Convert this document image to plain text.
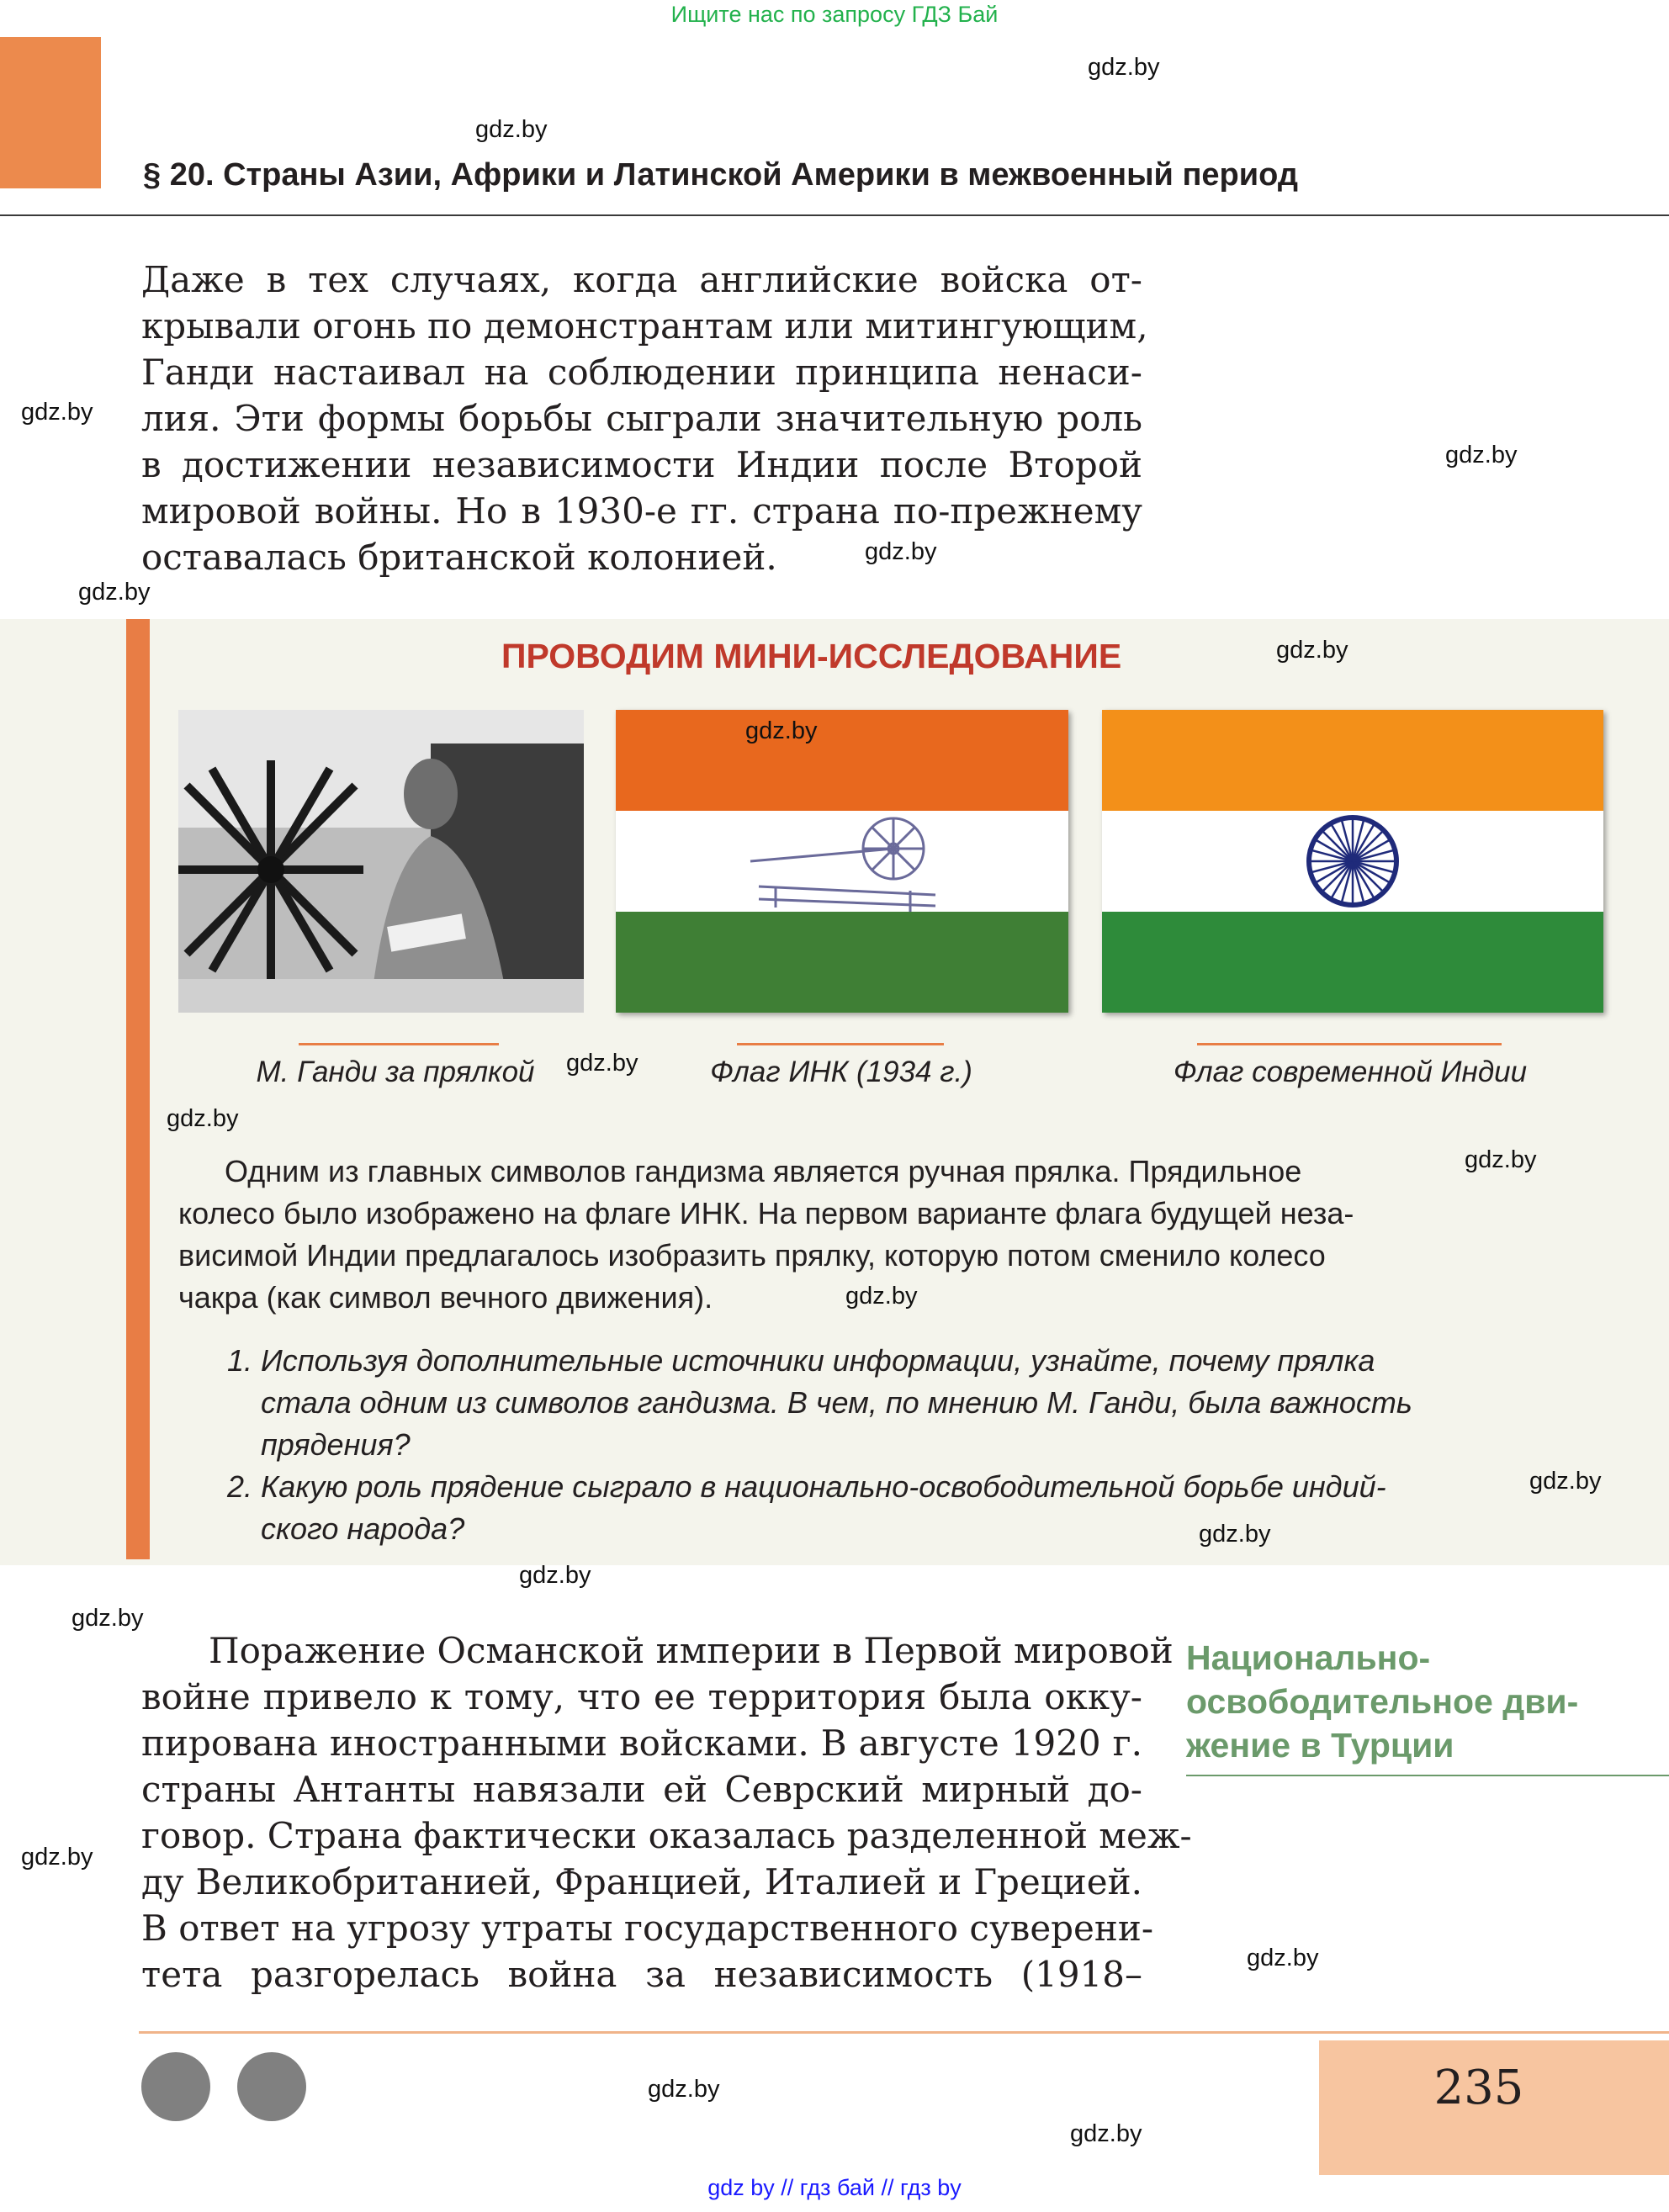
Ищите нас по запросу ГДЗ Бай
§ 20. Страны Азии, Африки и Латинской Америки в межвоенный период
Даже в тех случаях, когда английские войска от-
крывали огонь по демонстрантам или митингующим,
Ганди настаивал на соблюдении принципа ненаси-
лия. Эти формы борьбы сыграли значительную роль
в достижении независимости Индии после Второй
мировой войны. Но в 1930-е гг. страна по-прежнему
оставалась британской колонией.
ПРОВОДИМ МИНИ-ИССЛЕДОВАНИЕ
М. Ганди за прялкой	Флаг ИНК (1934 г.)	Флаг современной Индии
Одним из главных символов гандизма является ручная прялка. Прядильное
колесо было изображено на флаге ИНК. На первом варианте флага будущей неза-
висимой Индии предлагалось изобразить прялку, которую потом сменило колесо
чакра (как символ вечного движения).
1. Используя дополнительные источники информации, узнайте, почему прялка
стала одним из символов гандизма. В чем, по мнению М. Ганди, была важность
прядения?
2. Какую роль прядение сыграло в национально-освободительной борьбе индий-
ского народа?
Поражение Османской империи в Первой мировой
войне привело к тому, что ее территория была окку-
пирована иностранными войсками. В августе 1920 г.
страны Антанты навязали ей Севрский мирный до-
говор. Страна фактически оказалась разделенной меж-
ду Великобританией, Францией, Италией и Грецией.
В ответ на угрозу утраты государственного суверени-
тета разгорелась война за независимость (1918–
Национально-
освободительное дви-
жение в Турции
235
gdz by // гдз бай // гдз by
gdz.by
gdz.by
gdz.by
gdz.by
gdz.by
gdz.by
gdz.by
gdz.by
gdz.by
gdz.by
gdz.by
gdz.by
gdz.by
gdz.by
gdz.by
gdz.by
gdz.by
gdz.by
gdz.by
gdz.by
